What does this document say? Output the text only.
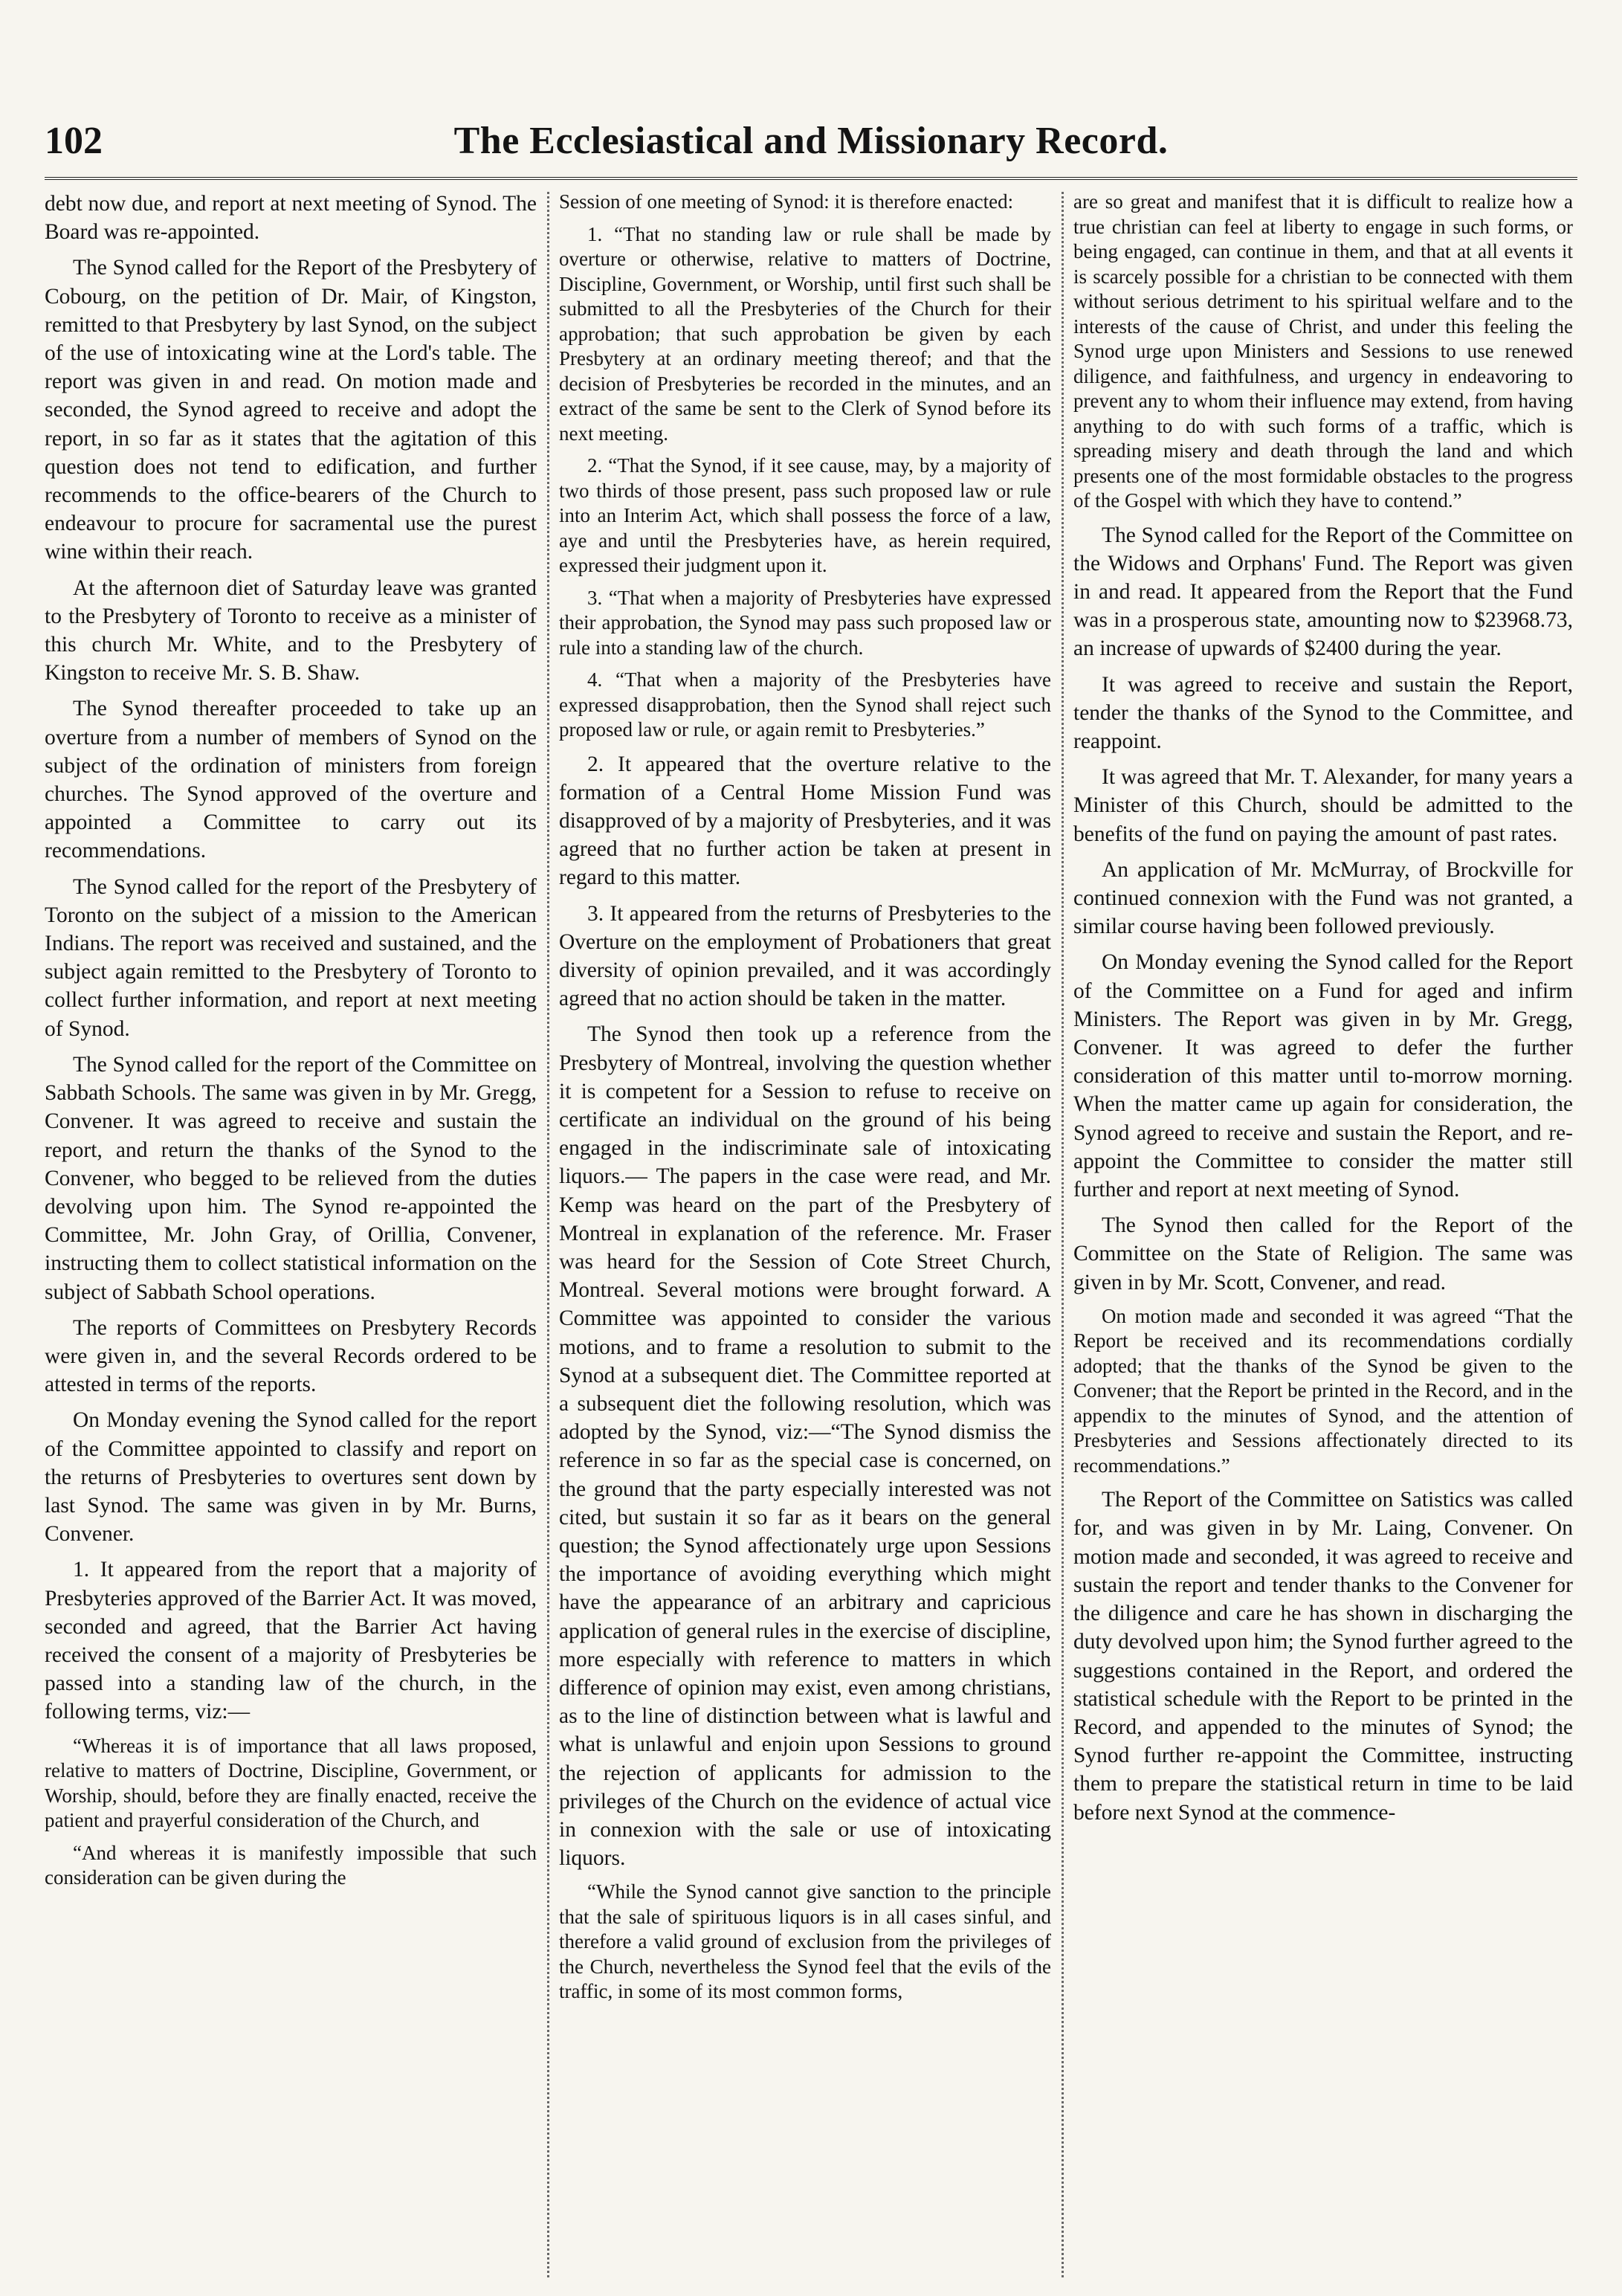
102	The Ecclesiastical and Missionary Record.

debt now due, and report at next meeting of Synod. The Board was re-appointed.

The Synod called for the Report of the Presbytery of Cobourg, on the petition of Dr. Mair, of Kingston, remitted to that Presbytery by last Synod, on the subject of the use of intoxicating wine at the Lord's table. The report was given in and read. On motion made and seconded, the Synod agreed to receive and adopt the report, in so far as it states that the agitation of this question does not tend to edification, and further recommends to the office-bearers of the Church to endeavour to procure for sacramental use the purest wine within their reach.

At the afternoon diet of Saturday leave was granted to the Presbytery of Toronto to receive as a minister of this church Mr. White, and to the Presbytery of Kingston to receive Mr. S. B. Shaw.

The Synod thereafter proceeded to take up an overture from a number of members of Synod on the subject of the ordination of ministers from foreign churches. The Synod approved of the overture and appointed a Committee to carry out its recommendations.

The Synod called for the report of the Presbytery of Toronto on the subject of a mission to the American Indians. The report was received and sustained, and the subject again remitted to the Presbytery of Toronto to collect further information, and report at next meeting of Synod.

The Synod called for the report of the Committee on Sabbath Schools. The same was given in by Mr. Gregg, Convener. It was agreed to receive and sustain the report, and return the thanks of the Synod to the Convener, who begged to be relieved from the duties devolving upon him. The Synod re-appointed the Committee, Mr. John Gray, of Orillia, Convener, instructing them to collect statistical information on the subject of Sabbath School operations.

The reports of Committees on Presbytery Records were given in, and the several Records ordered to be attested in terms of the reports.

On Monday evening the Synod called for the report of the Committee appointed to classify and report on the returns of Presbyteries to overtures sent down by last Synod. The same was given in by Mr. Burns, Convener.

1. It appeared from the report that a majority of Presbyteries approved of the Barrier Act. It was moved, seconded and agreed, that the Barrier Act having received the consent of a majority of Presbyteries be passed into a standing law of the church, in the following terms, viz:—

“Whereas it is of importance that all laws proposed, relative to matters of Doctrine, Discipline, Government, or Worship, should, before they are finally enacted, receive the patient and prayerful consideration of the Church, and

“And whereas it is manifestly impossible that such consideration can be given during the

Session of one meeting of Synod: it is therefore enacted:

1. “That no standing law or rule shall be made by overture or otherwise, relative to matters of Doctrine, Discipline, Government, or Worship, until first such shall be submitted to all the Presbyteries of the Church for their approbation; that such approbation be given by each Presbytery at an ordinary meeting thereof; and that the decision of Presbyteries be recorded in the minutes, and an extract of the same be sent to the Clerk of Synod before its next meeting.

2. “That the Synod, if it see cause, may, by a majority of two thirds of those present, pass such proposed law or rule into an Interim Act, which shall possess the force of a law, aye and until the Presbyteries have, as herein required, expressed their judgment upon it.

3. “That when a majority of Presbyteries have expressed their approbation, the Synod may pass such proposed law or rule into a standing law of the church.

4. “That when a majority of the Presbyteries have expressed disapprobation, then the Synod shall reject such proposed law or rule, or again remit to Presbyteries.”

2. It appeared that the overture relative to the formation of a Central Home Mission Fund was disapproved of by a majority of Presbyteries, and it was agreed that no further action be taken at present in regard to this matter.

3. It appeared from the returns of Presbyteries to the Overture on the employment of Probationers that great diversity of opinion prevailed, and it was accordingly agreed that no action should be taken in the matter.

The Synod then took up a reference from the Presbytery of Montreal, involving the question whether it is competent for a Session to refuse to receive on certificate an individual on the ground of his being engaged in the indiscriminate sale of intoxicating liquors.— The papers in the case were read, and Mr. Kemp was heard on the part of the Presbytery of Montreal in explanation of the reference. Mr. Fraser was heard for the Session of Cote Street Church, Montreal. Several motions were brought forward. A Committee was appointed to consider the various motions, and to frame a resolution to submit to the Synod at a subsequent diet. The Committee reported at a subsequent diet the following resolution, which was adopted by the Synod, viz:—“The Synod dismiss the reference in so far as the special case is concerned, on the ground that the party especially interested was not cited, but sustain it so far as it bears on the general question; the Synod affectionately urge upon Sessions the importance of avoiding everything which might have the appearance of an arbitrary and capricious application of general rules in the exercise of discipline, more especially with reference to matters in which difference of opinion may exist, even among christians, as to the line of distinction between what is lawful and what is unlawful and enjoin upon Sessions to ground the rejection of applicants for admission to the privileges of the Church on the evidence of actual vice in connexion with the sale or use of intoxicating liquors.

“While the Synod cannot give sanction to the principle that the sale of spirituous liquors is in all cases sinful, and therefore a valid ground of exclusion from the privileges of the Church, nevertheless the Synod feel that the evils of the traffic, in some of its most common forms,

are so great and manifest that it is difficult to realize how a true christian can feel at liberty to engage in such forms, or being engaged, can continue in them, and that at all events it is scarcely possible for a christian to be connected with them without serious detriment to his spiritual welfare and to the interests of the cause of Christ, and under this feeling the Synod urge upon Ministers and Sessions to use renewed diligence, and faithfulness, and urgency in endeavoring to prevent any to whom their influence may extend, from having anything to do with such forms of a traffic, which is spreading misery and death through the land and which presents one of the most formidable obstacles to the progress of the Gospel with which they have to contend.”

The Synod called for the Report of the Committee on the Widows and Orphans' Fund. The Report was given in and read. It appeared from the Report that the Fund was in a prosperous state, amounting now to $23968.73, an increase of upwards of $2400 during the year.

It was agreed to receive and sustain the Report, tender the thanks of the Synod to the Committee, and reappoint.

It was agreed that Mr. T. Alexander, for many years a Minister of this Church, should be admitted to the benefits of the fund on paying the amount of past rates.

An application of Mr. McMurray, of Brockville for continued connexion with the Fund was not granted, a similar course having been followed previously.

On Monday evening the Synod called for the Report of the Committee on a Fund for aged and infirm Ministers. The Report was given in by Mr. Gregg, Convener. It was agreed to defer the further consideration of this matter until to-morrow morning. When the matter came up again for consideration, the Synod agreed to receive and sustain the Report, and re-appoint the Committee to consider the matter still further and report at next meeting of Synod.

The Synod then called for the Report of the Committee on the State of Religion. The same was given in by Mr. Scott, Convener, and read.

On motion made and seconded it was agreed “That the Report be received and its recommendations cordially adopted; that the thanks of the Synod be given to the Convener; that the Report be printed in the Record, and in the appendix to the minutes of Synod, and the attention of Presbyteries and Sessions affectionately directed to its recommendations.”

The Report of the Committee on Satistics was called for, and was given in by Mr. Laing, Convener. On motion made and seconded, it was agreed to receive and sustain the report and tender thanks to the Convener for the diligence and care he has shown in discharging the duty devolved upon him; the Synod further agreed to the suggestions contained in the Report, and ordered the statistical schedule with the Report to be printed in the Record, and appended to the minutes of Synod; the Synod further re-appoint the Committee, instructing them to prepare the statistical return in time to be laid before next Synod at the commence-
